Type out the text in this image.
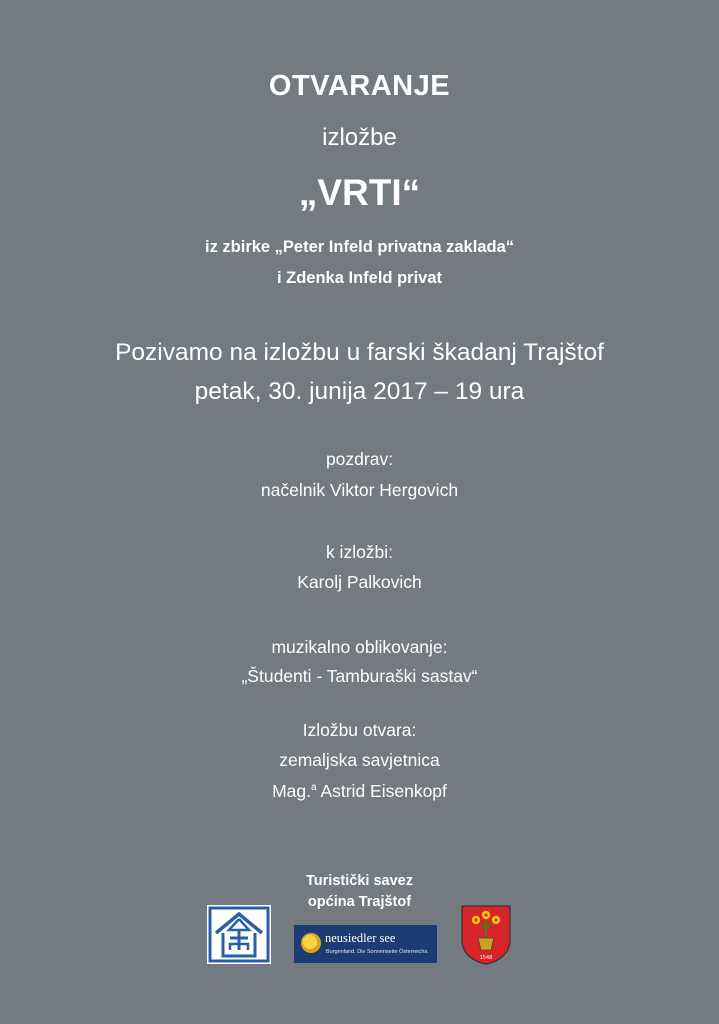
OTVARANJE
izložbe
„VRTI“
iz zbirke „Peter Infeld privatna zaklada“
i Zdenka Infeld privat
Pozivamo na izložbu u farski škadanj Trajštof
petak, 30. junija 2017 – 19 ura
pozdrav:
načelnik Viktor Hergovich
k izložbi:
Karolj Palkovich
muzikalno oblikovanje:
„Študenti - Tamburaški sastav“
Izložbu otvara:
zemaljska savjetnica
Mag.$^a$ Astrid Eisenkopf
Turistički savez
općina Trajštof
neusiedler see
Burgenland. Die Sonnenseite Österreichs.
1548
